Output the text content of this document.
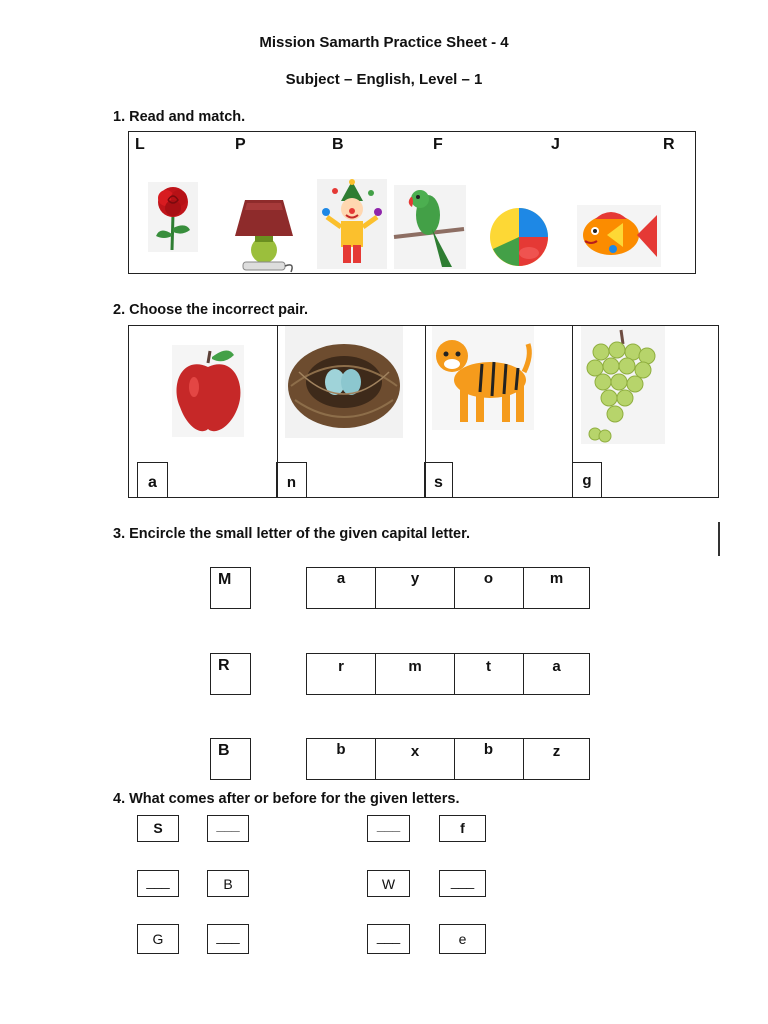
Mission Samarth Practice Sheet - 4
Subject – English, Level – 1
1. Read and match.
L	P	B	F	J	R
2. Choose the incorrect pair.
a	n	s	g
3. Encircle the small letter of the given capital letter.
M	a	y	o	m
R	r	m	t	a
B	b	x	b	z
4. What comes after or before for the given letters.
S	___	___	f
___	B	W	___
G	___	___	e
